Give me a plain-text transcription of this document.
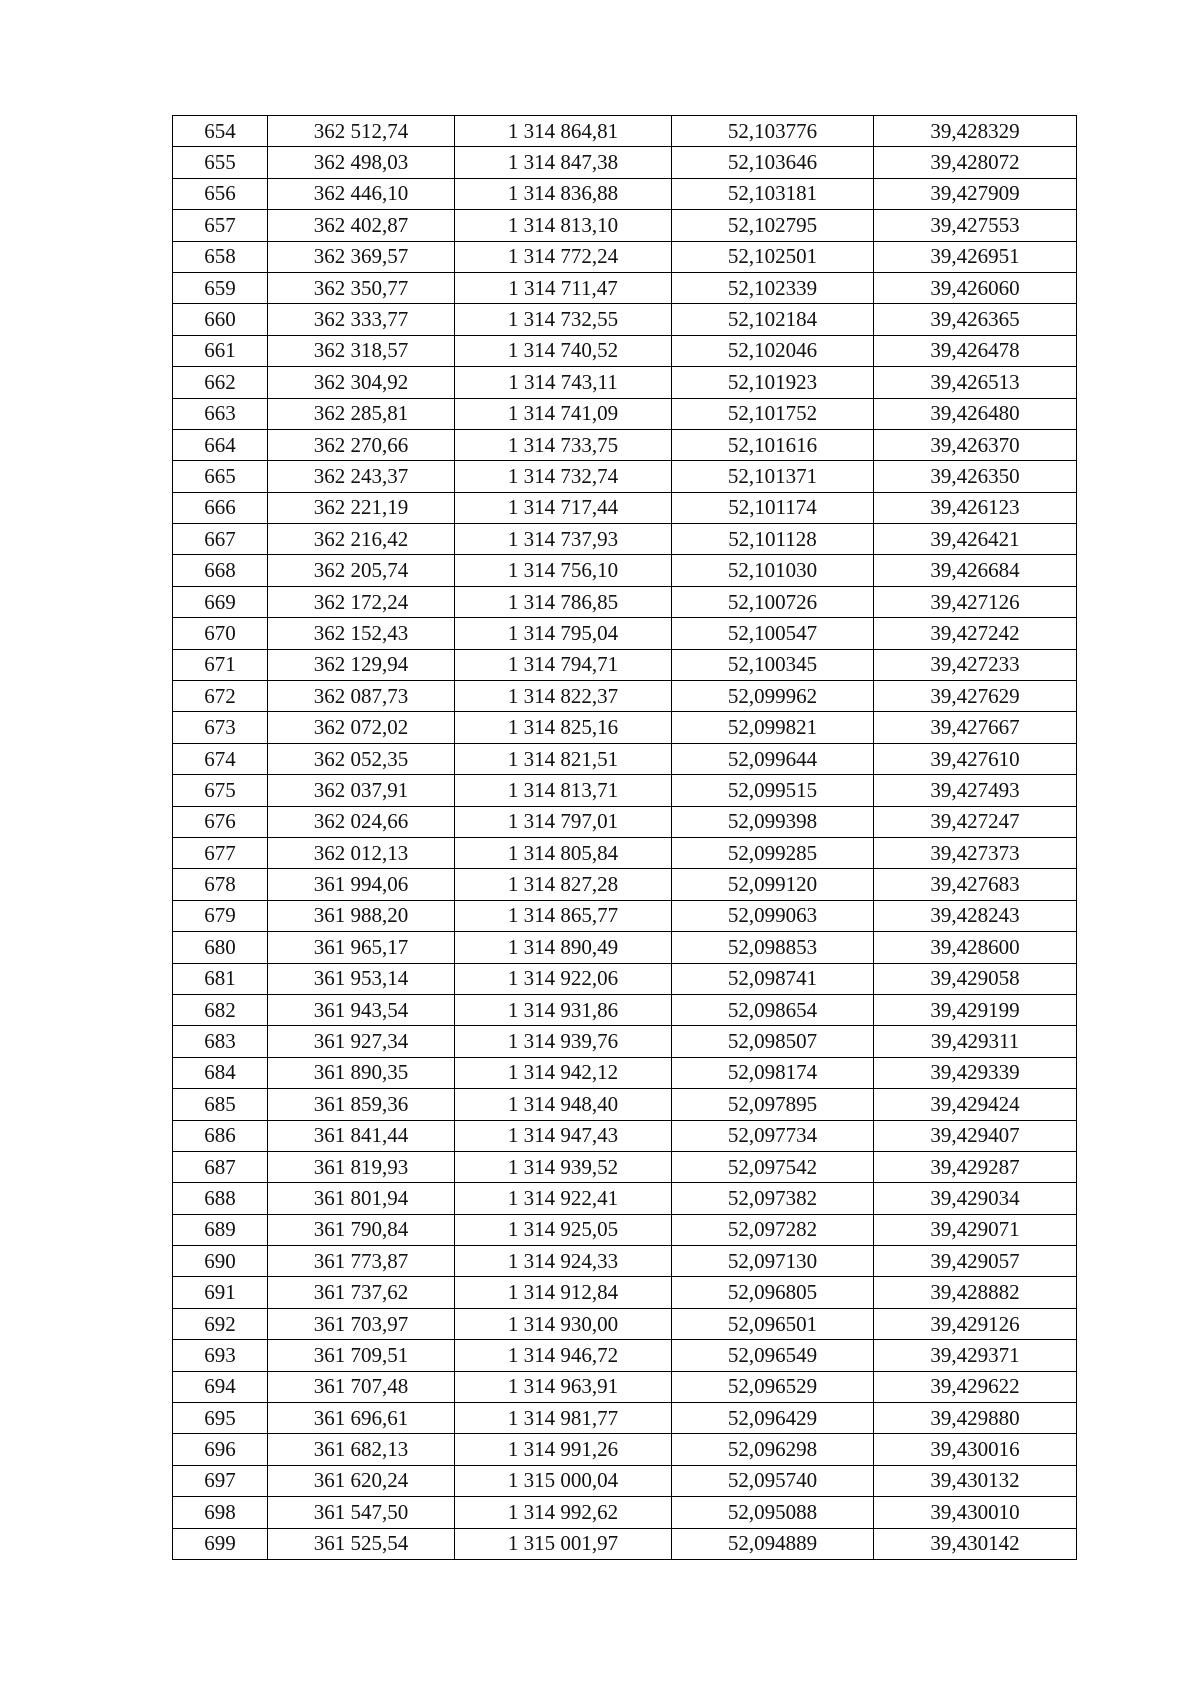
654	362 512,74	1 314 864,81	52,103776	39,428329
655	362 498,03	1 314 847,38	52,103646	39,428072
656	362 446,10	1 314 836,88	52,103181	39,427909
657	362 402,87	1 314 813,10	52,102795	39,427553
658	362 369,57	1 314 772,24	52,102501	39,426951
659	362 350,77	1 314 711,47	52,102339	39,426060
660	362 333,77	1 314 732,55	52,102184	39,426365
661	362 318,57	1 314 740,52	52,102046	39,426478
662	362 304,92	1 314 743,11	52,101923	39,426513
663	362 285,81	1 314 741,09	52,101752	39,426480
664	362 270,66	1 314 733,75	52,101616	39,426370
665	362 243,37	1 314 732,74	52,101371	39,426350
666	362 221,19	1 314 717,44	52,101174	39,426123
667	362 216,42	1 314 737,93	52,101128	39,426421
668	362 205,74	1 314 756,10	52,101030	39,426684
669	362 172,24	1 314 786,85	52,100726	39,427126
670	362 152,43	1 314 795,04	52,100547	39,427242
671	362 129,94	1 314 794,71	52,100345	39,427233
672	362 087,73	1 314 822,37	52,099962	39,427629
673	362 072,02	1 314 825,16	52,099821	39,427667
674	362 052,35	1 314 821,51	52,099644	39,427610
675	362 037,91	1 314 813,71	52,099515	39,427493
676	362 024,66	1 314 797,01	52,099398	39,427247
677	362 012,13	1 314 805,84	52,099285	39,427373
678	361 994,06	1 314 827,28	52,099120	39,427683
679	361 988,20	1 314 865,77	52,099063	39,428243
680	361 965,17	1 314 890,49	52,098853	39,428600
681	361 953,14	1 314 922,06	52,098741	39,429058
682	361 943,54	1 314 931,86	52,098654	39,429199
683	361 927,34	1 314 939,76	52,098507	39,429311
684	361 890,35	1 314 942,12	52,098174	39,429339
685	361 859,36	1 314 948,40	52,097895	39,429424
686	361 841,44	1 314 947,43	52,097734	39,429407
687	361 819,93	1 314 939,52	52,097542	39,429287
688	361 801,94	1 314 922,41	52,097382	39,429034
689	361 790,84	1 314 925,05	52,097282	39,429071
690	361 773,87	1 314 924,33	52,097130	39,429057
691	361 737,62	1 314 912,84	52,096805	39,428882
692	361 703,97	1 314 930,00	52,096501	39,429126
693	361 709,51	1 314 946,72	52,096549	39,429371
694	361 707,48	1 314 963,91	52,096529	39,429622
695	361 696,61	1 314 981,77	52,096429	39,429880
696	361 682,13	1 314 991,26	52,096298	39,430016
697	361 620,24	1 315 000,04	52,095740	39,430132
698	361 547,50	1 314 992,62	52,095088	39,430010
699	361 525,54	1 315 001,97	52,094889	39,430142
